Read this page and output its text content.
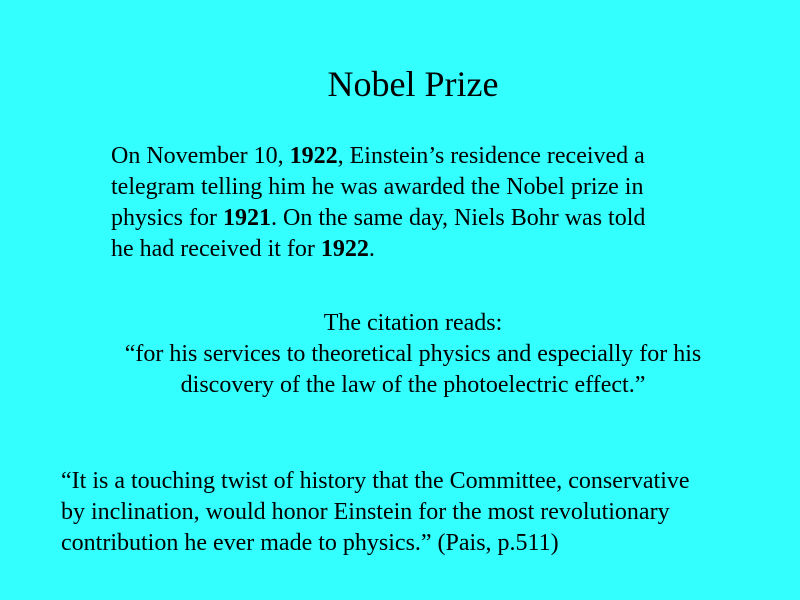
Nobel Prize
On November 10, 1922, Einstein’s residence received a
telegram telling him he was awarded the Nobel prize in
physics for 1921. On the same day, Niels Bohr was told
he had received it for 1922.
The citation reads:
“for his services to theoretical physics and especially for his
discovery of the law of the photoelectric effect.”
“It is a touching twist of history that the Committee, conservative
by inclination, would honor Einstein for the most revolutionary
contribution he ever made to physics.” (Pais, p.511)
